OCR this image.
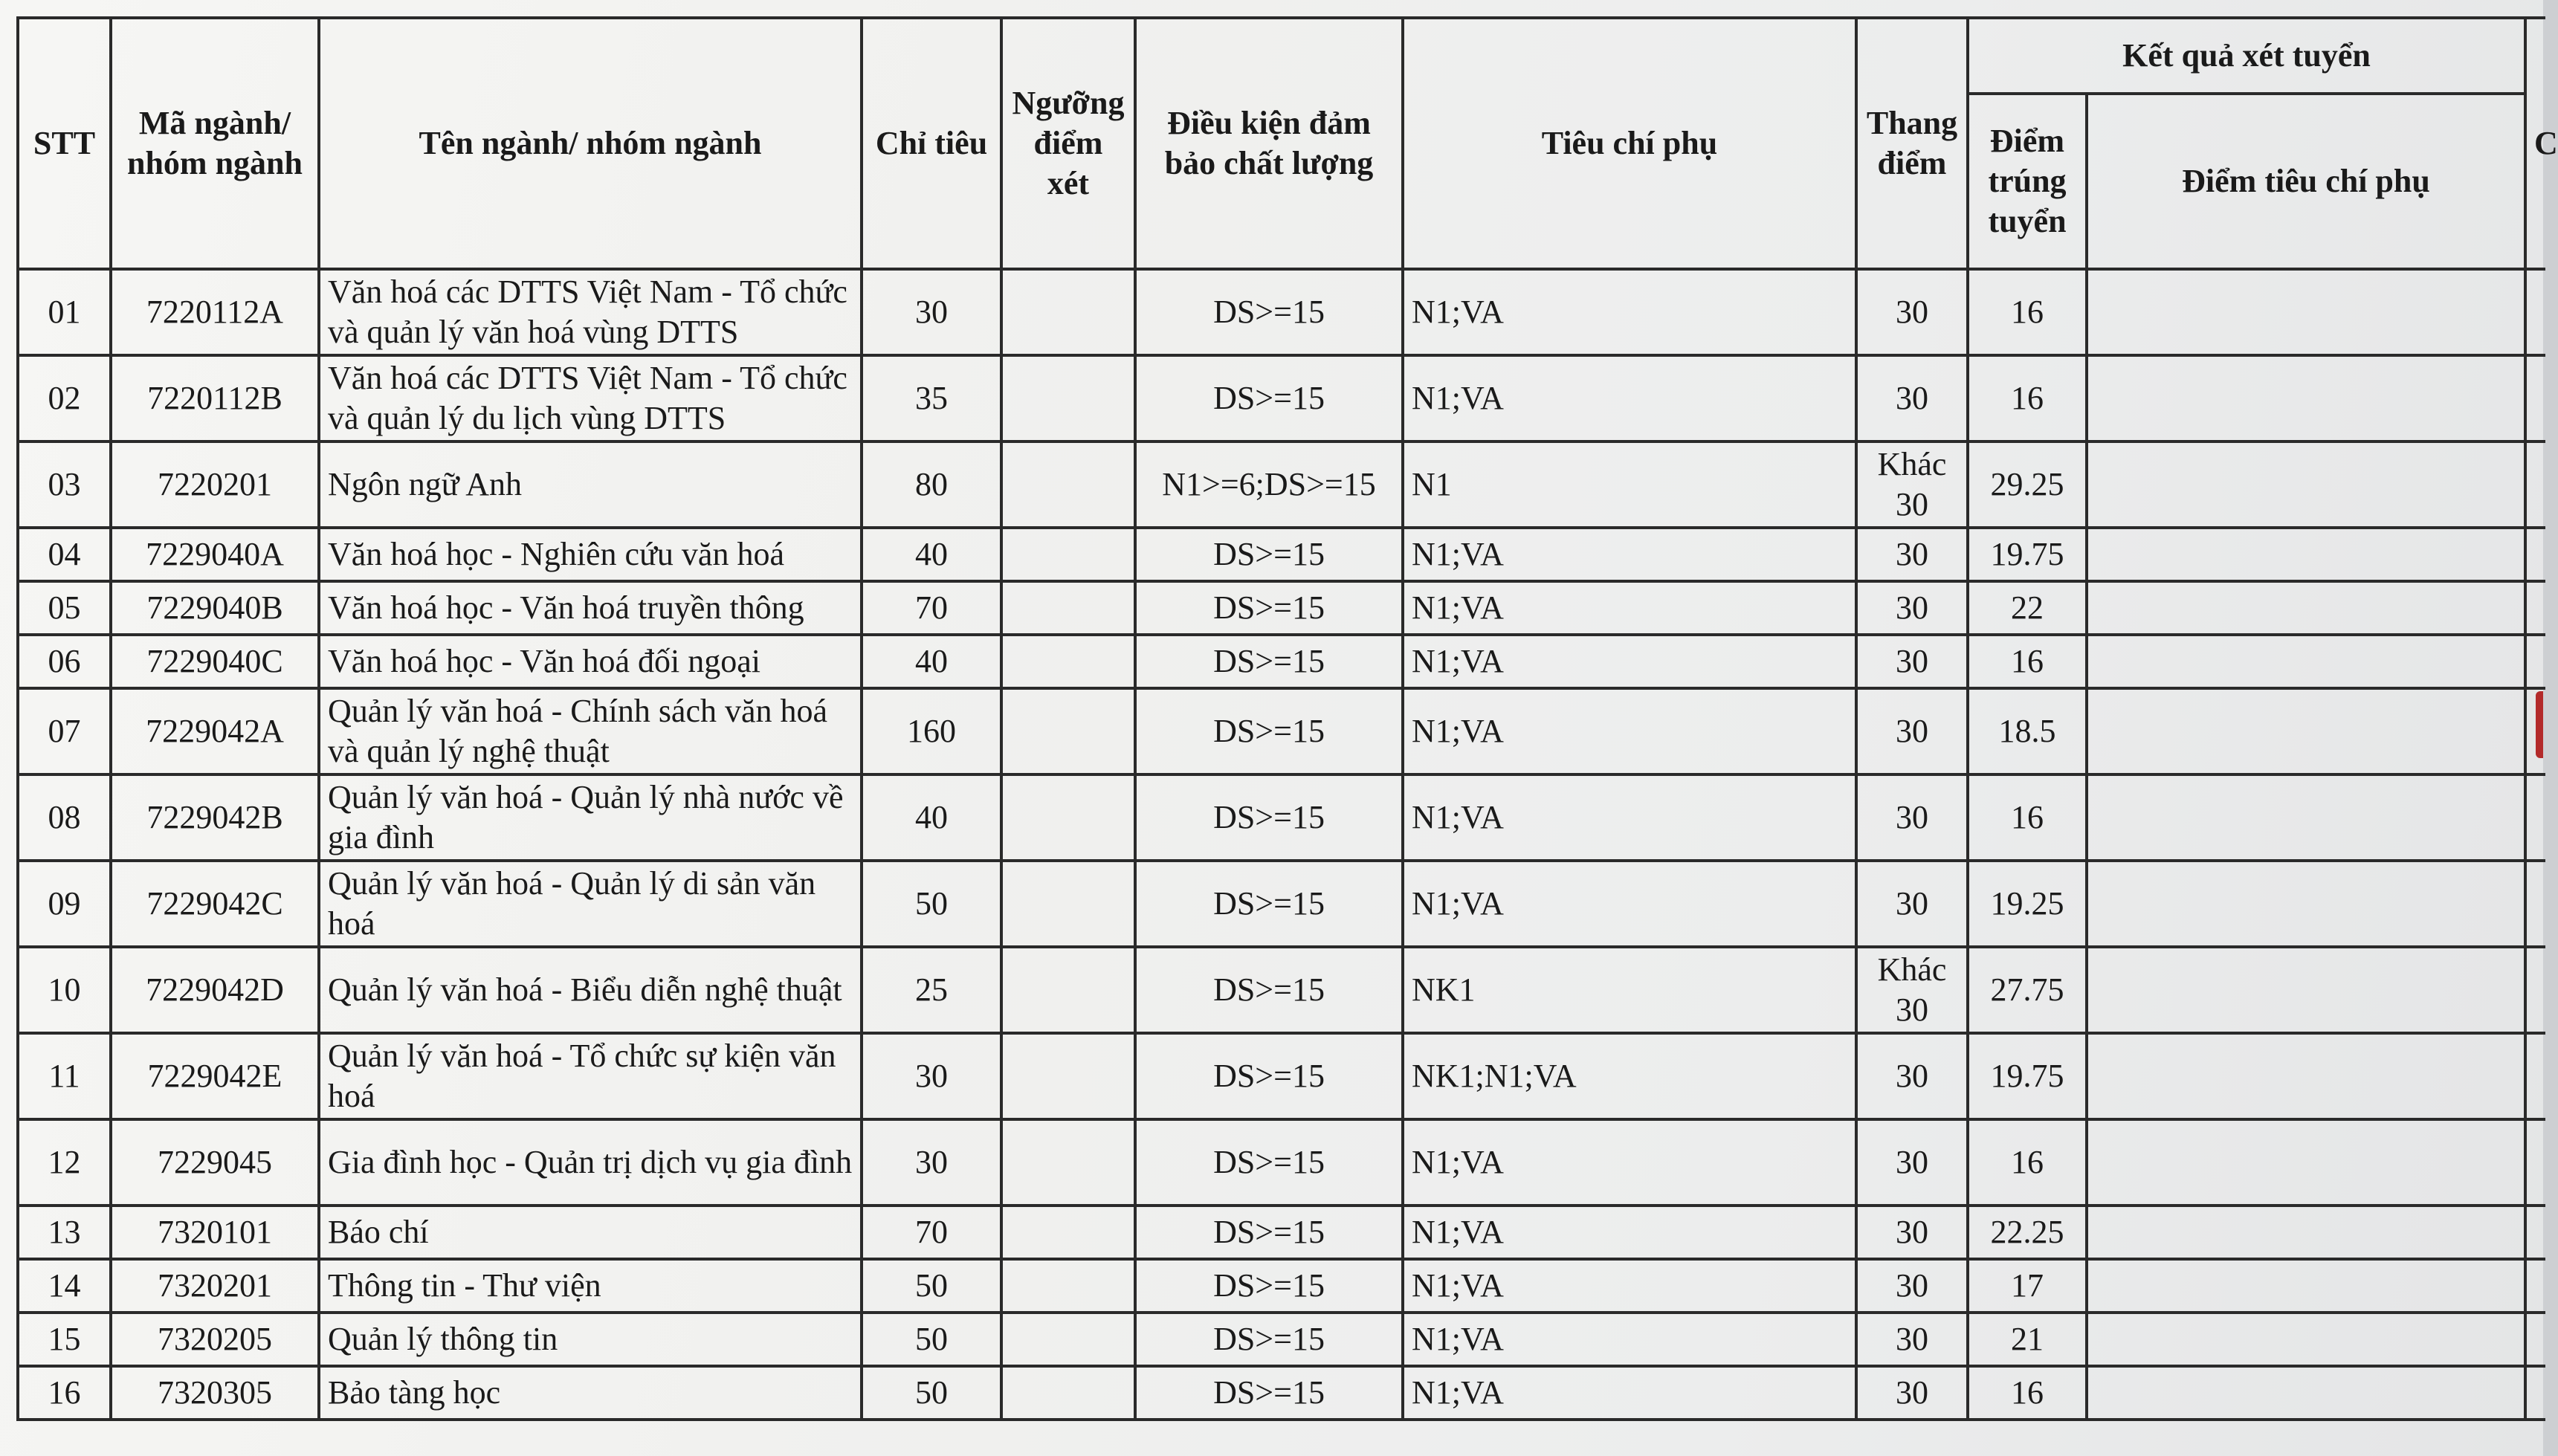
STT	Mã ngành/ nhóm ngành	Tên ngành/ nhóm ngành	Chỉ tiêu	Ngưỡng điểm xét	Điều kiện đảm bảo chất lượng	Tiêu chí phụ	Thang điểm	Kết quả xét tuyển		C
								Điểm trúng tuyển	Điểm tiêu chí phụ	
01	7220112A	Văn hoá các DTTS Việt Nam - Tổ chức và quản lý văn hoá vùng DTTS	30		DS>=15	N1;VA	30	16		
02	7220112B	Văn hoá các DTTS Việt Nam - Tổ chức và quản lý du lịch vùng DTTS	35		DS>=15	N1;VA	30	16		
03	7220201	Ngôn ngữ Anh	80		N1>=6;DS>=15	N1	Khác 30	29.25		
04	7229040A	Văn hoá học - Nghiên cứu văn hoá	40		DS>=15	N1;VA	30	19.75		
05	7229040B	Văn hoá học - Văn hoá truyền thông	70		DS>=15	N1;VA	30	22		
06	7229040C	Văn hoá học - Văn hoá đối ngoại	40		DS>=15	N1;VA	30	16		
07	7229042A	Quản lý văn hoá - Chính sách văn hoá và quản lý nghệ thuật	160		DS>=15	N1;VA	30	18.5		
08	7229042B	Quản lý văn hoá - Quản lý nhà nước về gia đình	40		DS>=15	N1;VA	30	16		
09	7229042C	Quản lý văn hoá - Quản lý di sản văn hoá	50		DS>=15	N1;VA	30	19.25		
10	7229042D	Quản lý văn hoá - Biểu diễn nghệ thuật	25		DS>=15	NK1	Khác 30	27.75		
11	7229042E	Quản lý văn hoá - Tổ chức sự kiện văn hoá	30		DS>=15	NK1;N1;VA	30	19.75		
12	7229045	Gia đình học - Quản trị dịch vụ gia đình	30		DS>=15	N1;VA	30	16		
13	7320101	Báo chí	70		DS>=15	N1;VA	30	22.25		
14	7320201	Thông tin - Thư viện	50		DS>=15	N1;VA	30	17		
15	7320205	Quản lý thông tin	50		DS>=15	N1;VA	30	21		
16	7320305	Bảo tàng học	50		DS>=15	N1;VA	30	16		
